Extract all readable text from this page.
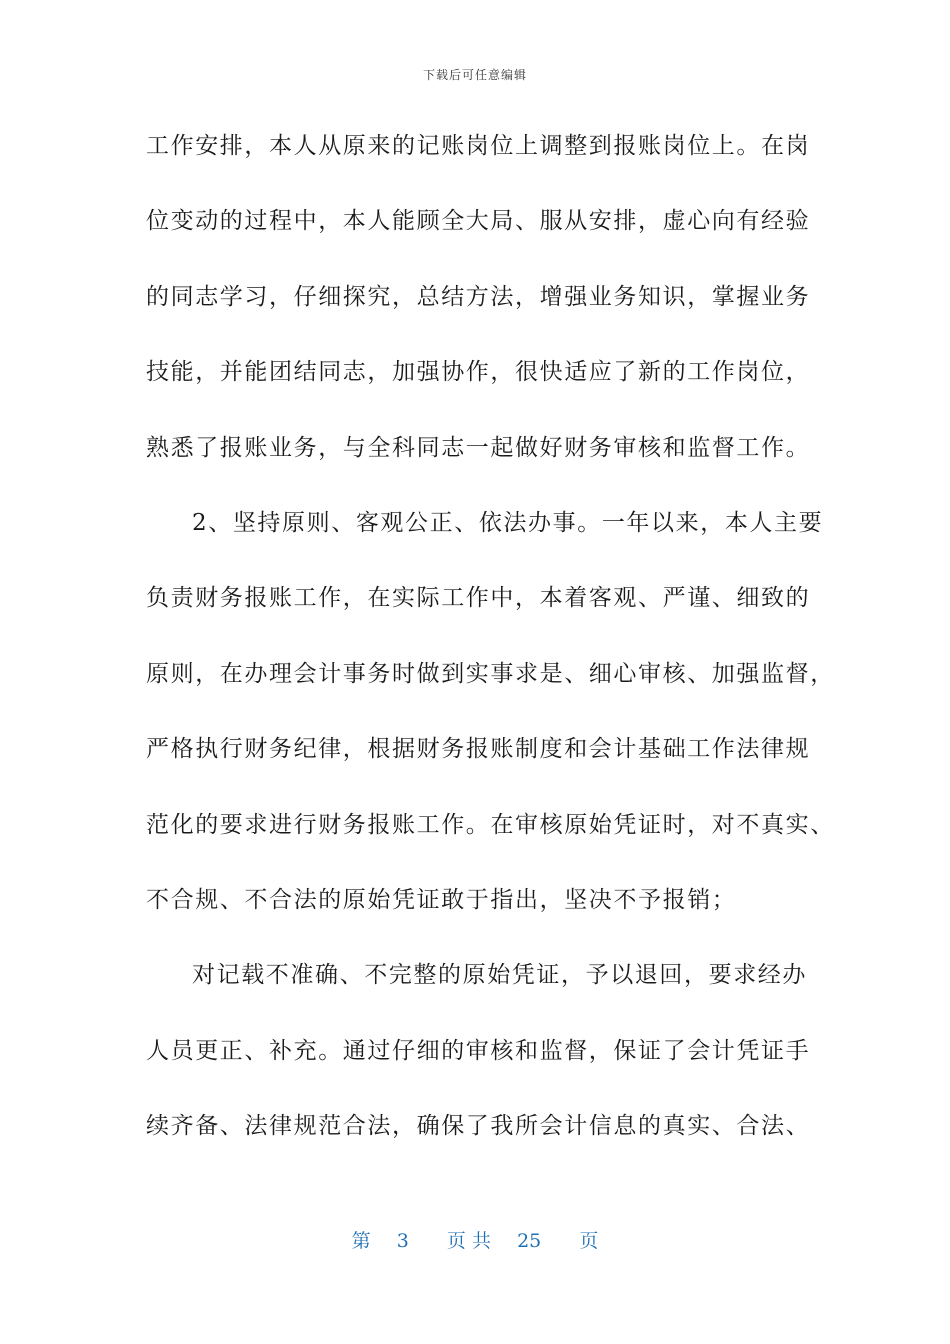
下载后可任意编辑
工作安排，本人从原来的记账岗位上调整到报账岗位上。在岗
位变动的过程中，本人能顾全大局、服从安排，虚心向有经验
的同志学习，仔细探究，总结方法，增强业务知识，掌握业务
技能，并能团结同志，加强协作，很快适应了新的工作岗位，
熟悉了报账业务，与全科同志一起做好财务审核和监督工作。
2、坚持原则、客观公正、依法办事。一年以来，本人主要
负责财务报账工作，在实际工作中，本着客观、严谨、细致的
原则，在办理会计事务时做到实事求是、细心审核、加强监督，
严格执行财务纪律，根据财务报账制度和会计基础工作法律规
范化的要求进行财务报账工作。在审核原始凭证时，对不真实、
不合规、不合法的原始凭证敢于指出，坚决不予报销；
对记载不准确、不完整的原始凭证，予以退回，要求经办
人员更正、补充。通过仔细的审核和监督，保证了会计凭证手
续齐备、法律规范合法，确保了我所会计信息的真实、合法、
第 3 页 共 25 页
